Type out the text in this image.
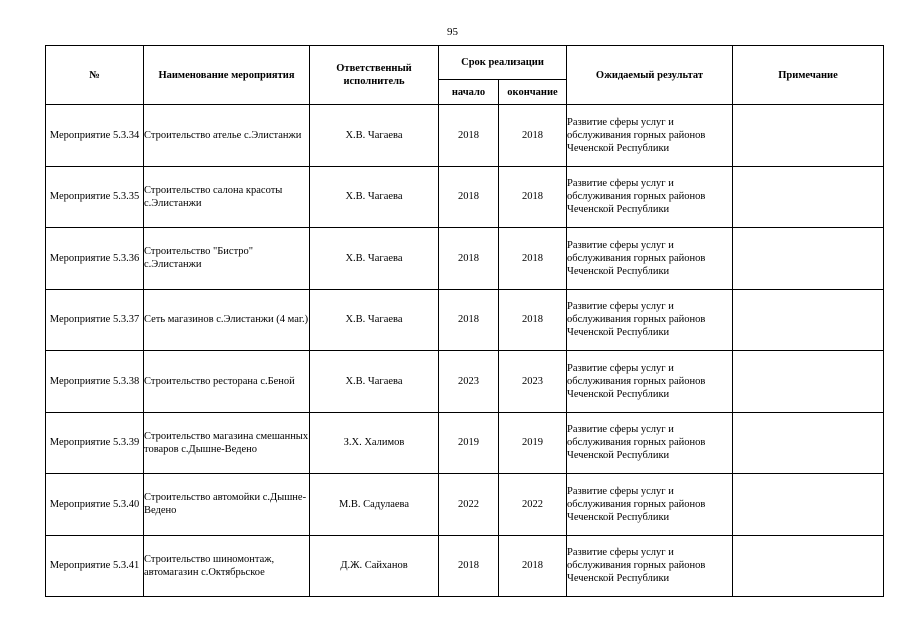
95
№	Наименование мероприятия	Ответственный исполнитель	Срок реализации		Ожидаемый результат	Примечание
			начало	окончание		
Мероприятие 5.3.34	Строительство ателье с.Элистанжи	Х.В. Чагаева	2018	2018	Развитие сферы услуг и обслуживания горных районов Чеченской Республики	
Мероприятие 5.3.35	Строительство салона красоты с.Элистанжи	Х.В. Чагаева	2018	2018	Развитие сферы услуг и обслуживания горных районов Чеченской Республики	
Мероприятие 5.3.36	Строительство "Бистро" с.Элистанжи	Х.В. Чагаева	2018	2018	Развитие сферы услуг и обслуживания горных районов Чеченской Республики	
Мероприятие 5.3.37	Сеть магазинов с.Элистанжи (4 маг.)	Х.В. Чагаева	2018	2018	Развитие сферы услуг и обслуживания горных районов Чеченской Республики	
Мероприятие 5.3.38	Строительство ресторана с.Беной	Х.В. Чагаева	2023	2023	Развитие сферы услуг и обслуживания горных районов Чеченской Республики	
Мероприятие 5.3.39	Строительство магазина смешанных товаров с.Дышне-Ведено	З.Х. Халимов	2019	2019	Развитие сферы услуг и обслуживания горных районов Чеченской Республики	
Мероприятие 5.3.40	Строительство автомойки с.Дышне-Ведено	М.В. Садулаева	2022	2022	Развитие сферы услуг и обслуживания горных районов Чеченской Республики	
Мероприятие 5.3.41	Строительство шиномонтаж, автомагазин с.Октябрьское	Д.Ж. Сайханов	2018	2018	Развитие сферы услуг и обслуживания горных районов Чеченской Республики	
